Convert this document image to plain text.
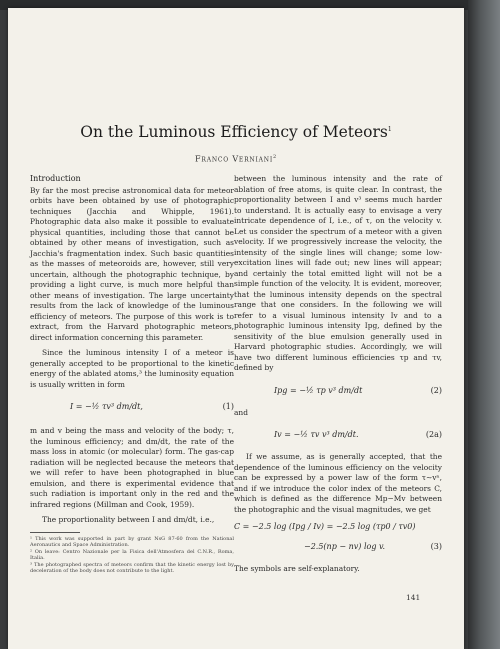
On the Luminous Efficiency of Meteors$^1$
Franco Verniani$^2$
Introduction

By far the most precise astronomical data for meteor orbits have been obtained by use of photographic techniques (Jacchia and Whipple, 1961). Photographic data also make it possible to evaluate physical quantities, including those that cannot be obtained by other means of investigation, such as Jacchia's fragmentation index. Such basic quantities as the masses of meteoroids are, however, still very uncertain, although the photographic technique, by providing a light curve, is much more helpful than other means of investigation. The large uncertainty results from the lack of knowledge of the luminous efficiency of meteors. The purpose of this work is to extract, from the Harvard photographic meteors, direct information concerning this parameter.

Since the luminous intensity I of a meteor is generally accepted to be proportional to the kinetic energy of the ablated atoms,³ the luminosity equation is usually written in form

I = −½ τv³ dm/dt,	(1)

m and v being the mass and velocity of the body; τ, the luminous efficiency; and dm/dt, the rate of the mass loss in atomic (or molecular) form. The gas-cap radiation will be neglected because the meteors that we will refer to have been photographed in blue emulsion, and there is experimental evidence that such radiation is important only in the red and the infrared regions (Millman and Cook, 1959).

The proportionality between I and dm/dt, i.e.,

¹ This work was supported in part by grant NsG 87-60 from the National Aeronautics and Space Administration.

² On leave: Centro Nazionale per la Fisica dell'Atmosfera del C.N.R., Roma, Italia.

³ The photographed spectra of meteors confirm that the kinetic energy lost by deceleration of the body does not contribute to the light.

between the luminous intensity and the rate of ablation of free atoms, is quite clear. In contrast, the proportionality between I and v³ seems much harder to understand. It is actually easy to envisage a very intricate dependence of I, i.e., of τ, on the velocity v. Let us consider the spectrum of a meteor with a given velocity. If we progressively increase the velocity, the intensity of the single lines will change; some low-excitation lines will fade out; new lines will appear; and certainly the total emitted light will not be a simple function of the velocity. It is evident, moreover, that the luminous intensity depends on the spectral range that one considers. In the following we will refer to a visual luminous intensity Iv and to a photographic luminous intensity Ipg, defined by the sensitivity of the blue emulsion generally used in Harvard photographic studies. Accordingly, we will have two different luminous efficiencies τp and τv, defined by

Ipg = −½ τp v³ dm/dt	(2)

and

Iv = −½ τv v³ dm/dt.	(2a)

If we assume, as is generally accepted, that the dependence of the luminous efficiency on the velocity can be expressed by a power law of the form τ∼vⁿ, and if we introduce the color index of the meteors C, which is defined as the difference Mp−Mv between the photographic and the visual magnitudes, we get

C = −2.5 log (Ipg / Iv) = −2.5 log (τp0 / τv0)
−2.5(np − nv) log v.	(3)

The symbols are self-explanatory.

141
